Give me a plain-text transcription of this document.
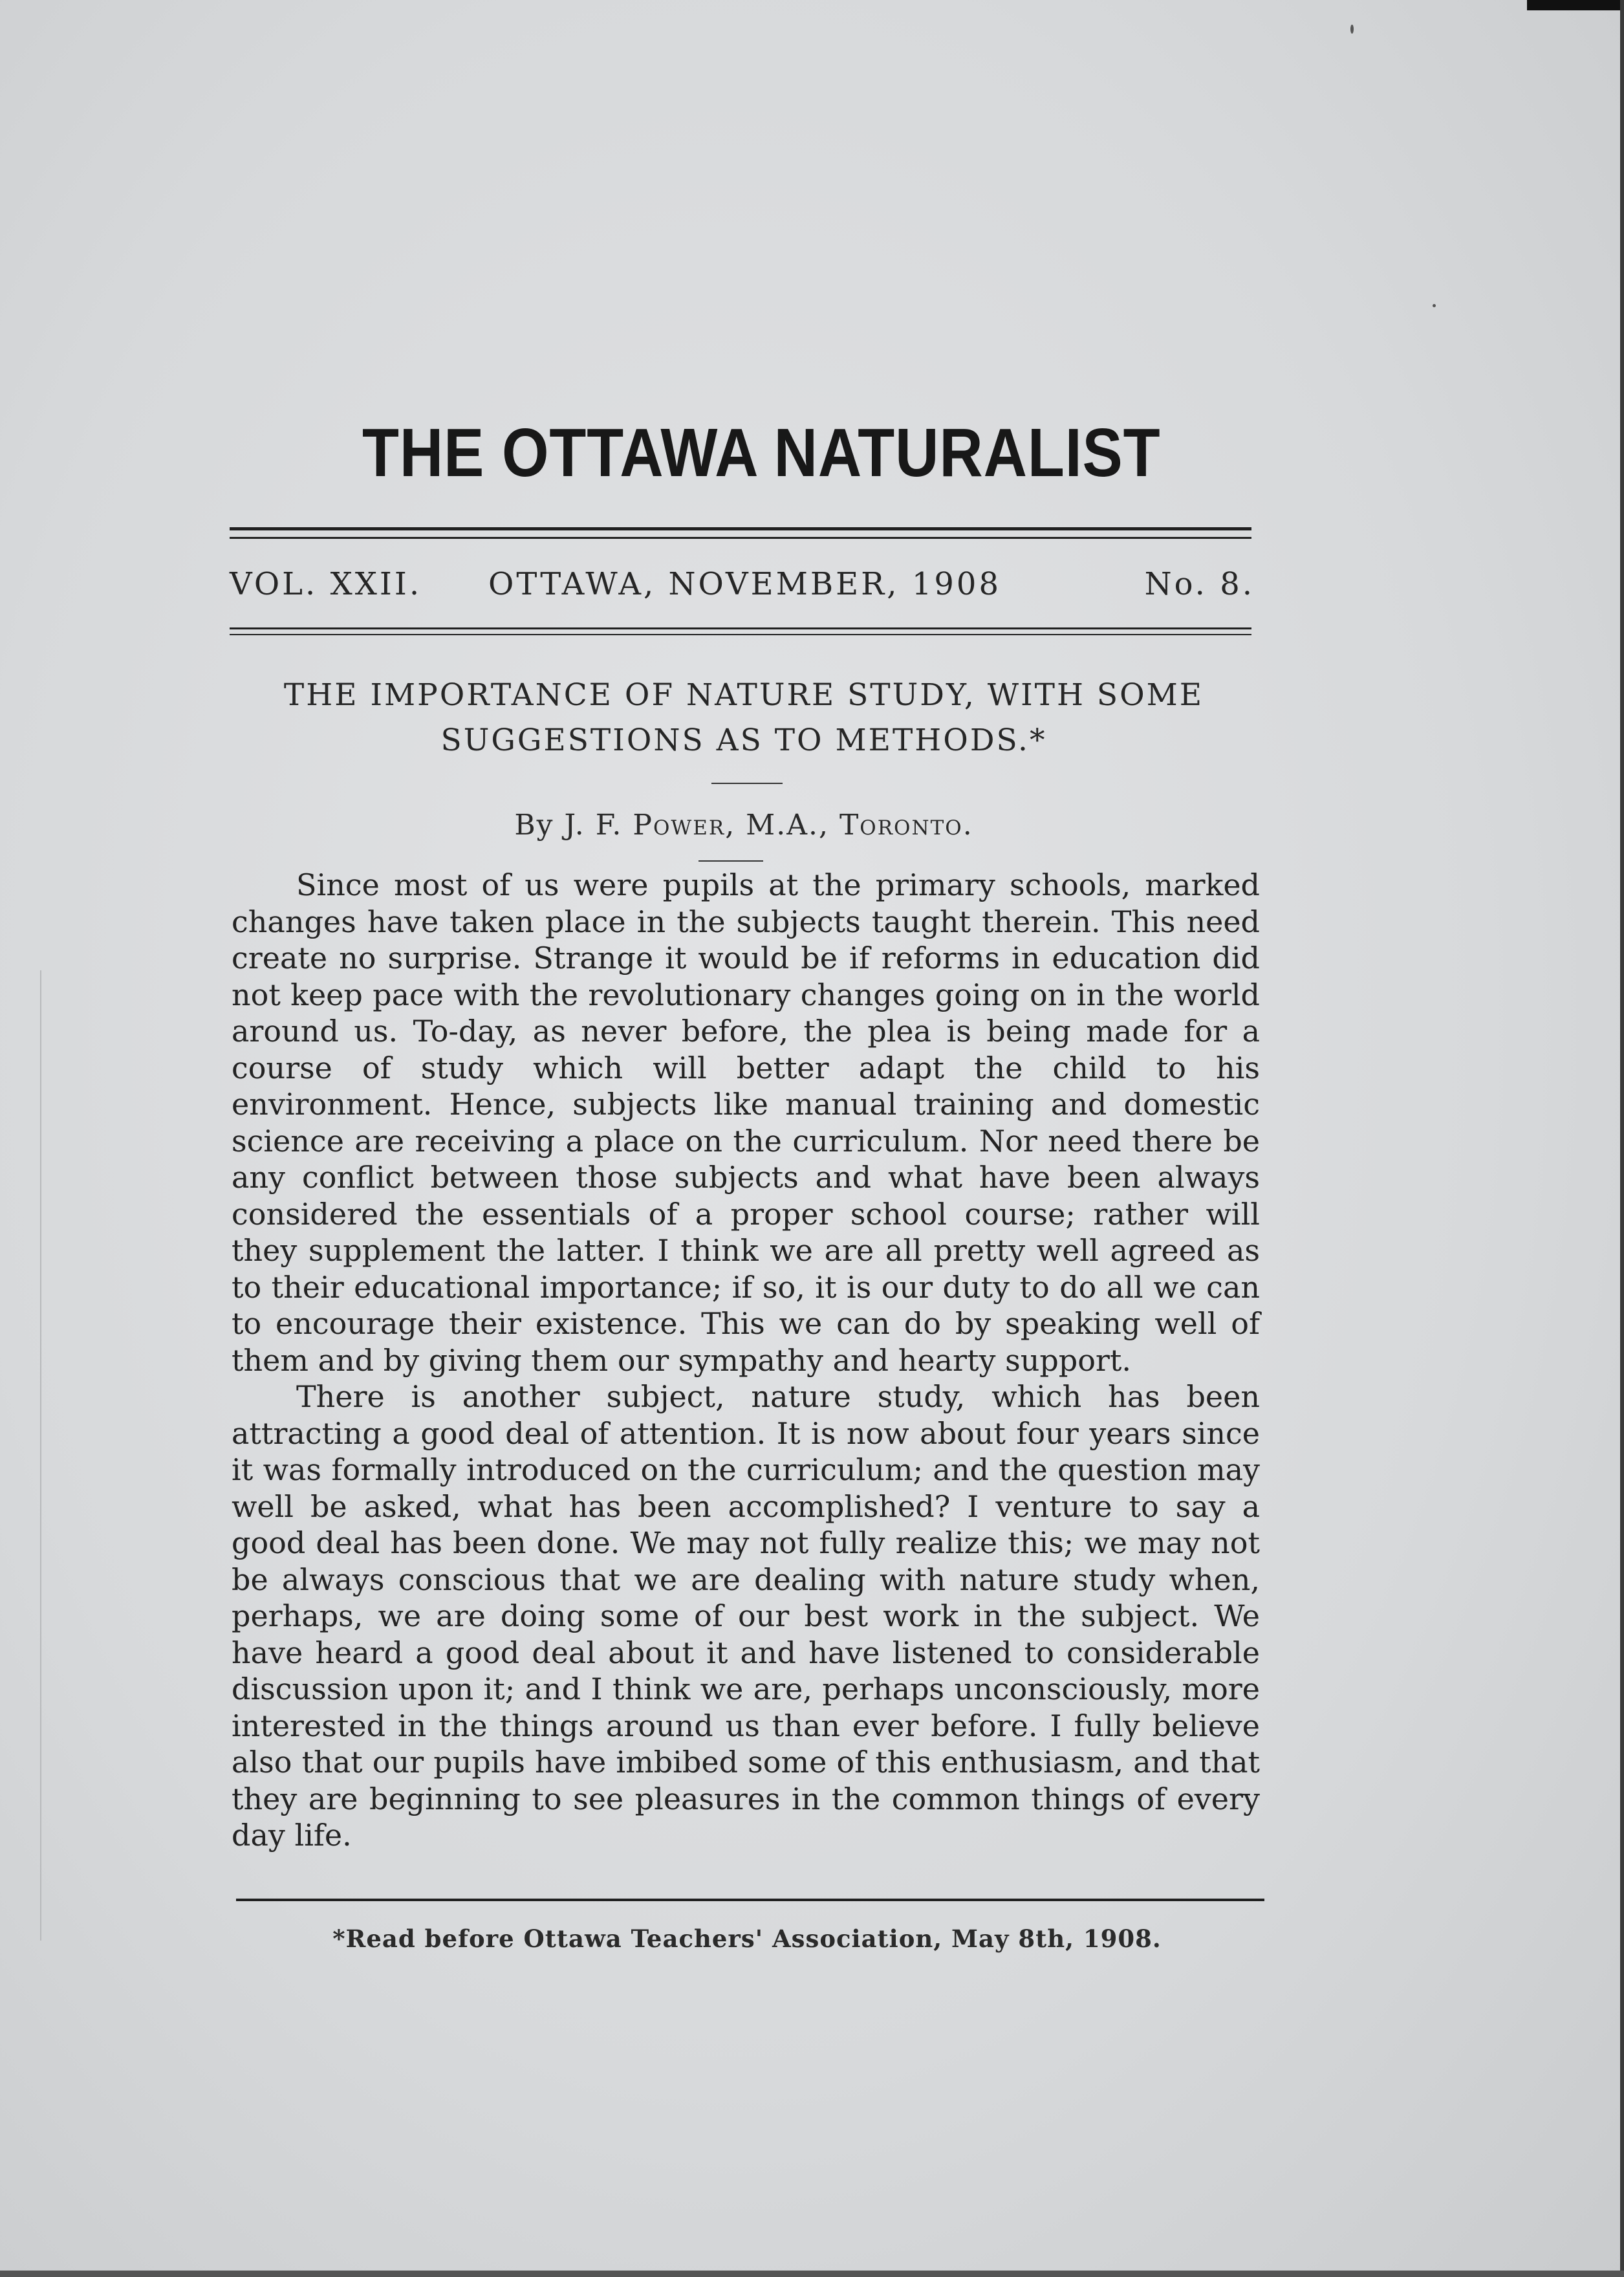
THE OTTAWA NATURALIST
VOL. XXII. OTTAWA, NOVEMBER, 1908	No. 8.
THE IMPORTANCE OF NATURE STUDY, WITH SOME
SUGGESTIONS AS TO METHODS.*
By J. F. Power, M.A., Toronto.

Since most of us were pupils at the primary schools, marked changes have taken place in the subjects taught therein. This need create no surprise. Strange it would be if reforms in education did not keep pace with the revolutionary changes going on in the world around us. To-day, as never before, the plea is being made for a course of study which will better adapt the child to his environment. Hence, subjects like manual training and domestic science are receiving a place on the curriculum. Nor need there be any conflict between those subjects and what have been always considered the essentials of a proper school course; rather will they supplement the latter. I think we are all pretty well agreed as to their educational importance; if so, it is our duty to do all we can to encourage their existence. This we can do by speaking well of them and by giving them our sympathy and hearty support.

There is another subject, nature study, which has been attracting a good deal of attention. It is now about four years since it was formally introduced on the curriculum; and the question may well be asked, what has been accomplished? I venture to say a good deal has been done. We may not fully realize this; we may not be always conscious that we are dealing with nature study when, perhaps, we are doing some of our best work in the subject. We have heard a good deal about it and have listened to considerable discussion upon it; and I think we are, perhaps unconsciously, more interested in the things around us than ever before. I fully believe also that our pupils have imbibed some of this enthusiasm, and that they are beginning to see pleasures in the common things of every day life.

*Read before Ottawa Teachers' Association, May 8th, 1908.
